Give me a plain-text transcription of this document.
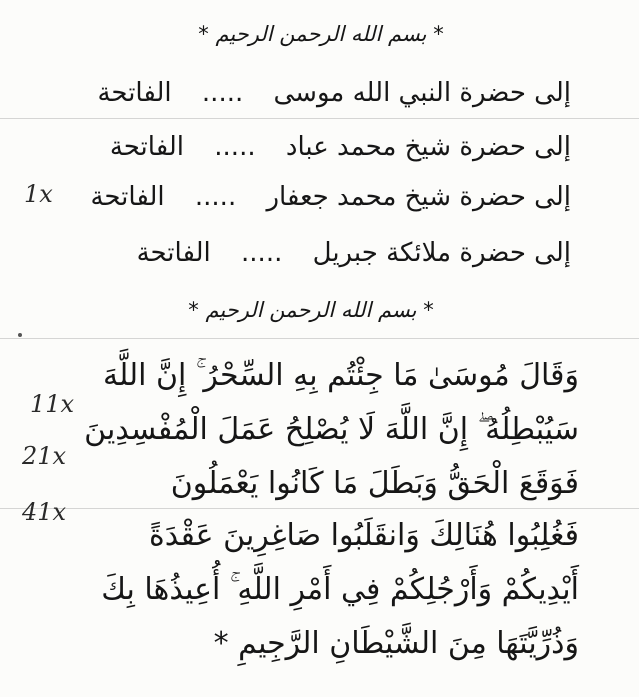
* بسم الله الرحمن الرحيم *
إلى حضرة النبي الله موسى ..... الفاتحة
إلى حضرة شيخ محمد عباد ..... الفاتحة
إلى حضرة شيخ محمد جعفار ..... الفاتحة
إلى حضرة ملائكة جبريل ..... الفاتحة
1x
* بسم الله الرحمن الرحيم *
وَقَالَ مُوسَىٰ مَا جِئْتُم بِهِ السِّحْرُ ۚ إِنَّ اللَّهَ
سَيُبْطِلُهُ ۖ إِنَّ اللَّهَ لَا يُصْلِحُ عَمَلَ الْمُفْسِدِينَ
فَوَقَعَ الْحَقُّ وَبَطَلَ مَا كَانُوا يَعْمَلُونَ
فَغُلِبُوا هُنَالِكَ وَانقَلَبُوا صَاغِرِينَ عَقْدَةً
أَيْدِيكُمْ وَأَرْجُلِكُمْ فِي أَمْرِ اللَّهِ ۚ أُعِيذُهَا بِكَ
وَذُرِّيَّتَهَا مِنَ الشَّيْطَانِ الرَّجِيمِ *
11x
21x
41x
